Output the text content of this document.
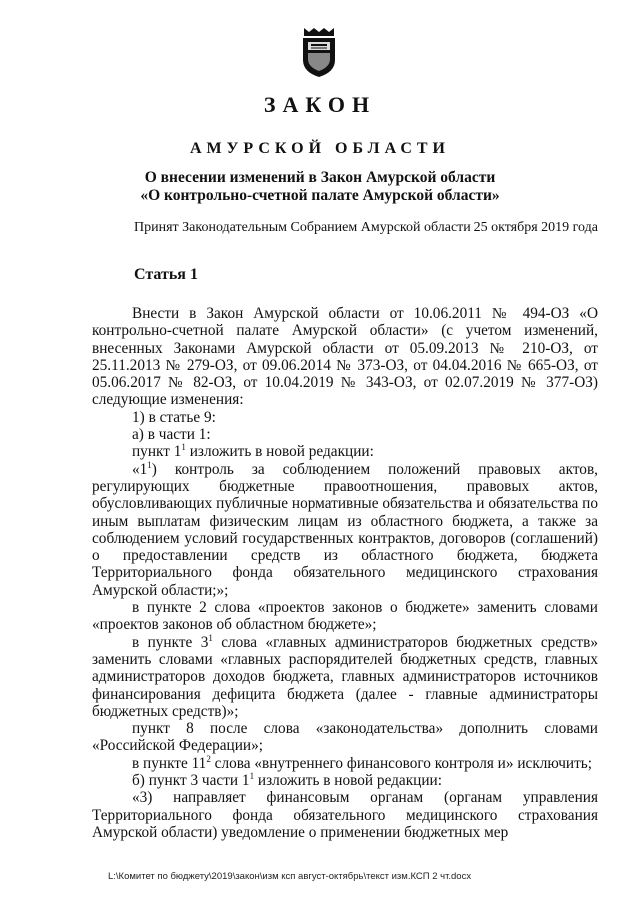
ЗАКОН
АМУРСКОЙ ОБЛАСТИ
О внесении изменений в Закон Амурской области
«О контрольно-счетной палате Амурской области»
Принят Законодательным Собранием Амурской области 25 октября 2019 года
Статья 1

Внести в Закон Амурской области от 10.06.2011 № 494-ОЗ «О контрольно-счетной палате Амурской области» (с учетом изменений, внесенных Законами Амурской области от 05.09.2013 № 210-ОЗ, от 25.11.2013 № 279-ОЗ, от 09.06.2014 № 373-ОЗ, от 04.04.2016 № 665-ОЗ, от 05.06.2017 № 82-ОЗ, от 10.04.2019 № 343-ОЗ, от 02.07.2019 № 377-ОЗ) следующие изменения:

1) в статье 9:

а) в части 1:

пункт $1^1$ изложить в новой редакции:

«$1^1$) контроль за соблюдением положений правовых актов, регулирующих бюджетные правоотношения, правовых актов, обусловливающих публичные нормативные обязательства и обязательства по иным выплатам физическим лицам из областного бюджета, а также за соблюдением условий государственных контрактов, договоров (соглашений) о предоставлении средств из областного бюджета, бюджета Территориального фонда обязательного медицинского страхования Амурской области;»;

в пункте 2 слова «проектов законов о бюджете» заменить словами «проектов законов об областном бюджете»;

в пункте $3^1$ слова «главных администраторов бюджетных средств» заменить словами «главных распорядителей бюджетных средств, главных администраторов доходов бюджета, главных администраторов источников финансирования дефицита бюджета (далее - главные администраторы бюджетных средств)»;

пункт 8 после слова «законодательства» дополнить словами «Российской Федерации»;

в пункте $11^2$ слова «внутреннего финансового контроля и» исключить;

б) пункт 3 части $1^1$ изложить в новой редакции:

«3) направляет финансовым органам (органам управления Территориального фонда обязательного медицинского страхования Амурской области) уведомление о применении бюджетных мер

L:\Комитет по бюджету\2019\закон\изм ксп август-октябрь\текст изм.КСП 2 чт.docx
